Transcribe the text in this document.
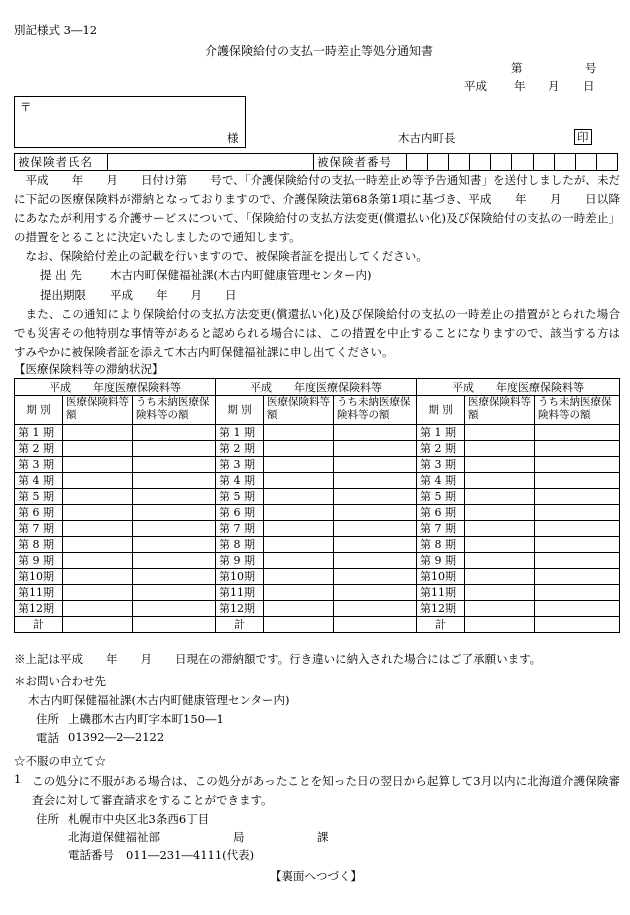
別記様式 3―12
介護保険給付の支払一時差止等処分通知書
第	号
平成 年 月 日
〒
様	木古内町長	印
被保険者氏名		被保険者番号										
平成　　年　　月　　日付け第　　号で、「介護保険給付の支払一時差止め等予告通知書」を送付しましたが、未だに下記の医療保険料が滞納となっておりますので、介護保険法第68条第1項に基づき、平成　　年　　月　　日以降にあなたが利用する介護サービスについて、「保険給付の支払方法変更(償還払い化)及び保険給付の支払の一時差止」の措置をとることに決定いたしましたので通知します。
なお、保険給付差止の記載を行いますので、被保険者証を提出してください。
提 出 先 木古内町保健福祉課(木古内町健康管理センター内)
提出期限 平成　　年　　月　　日
また、この通知により保険給付の支払方法変更(償還払い化)及び保険給付の支払の一時差止の措置がとられた場合でも災害その他特別な事情等があると認められる場合には、この措置を中止することになりますので、該当する方はすみやかに被保険者証を添えて木古内町保健福祉課に申し出てください。
【医療保険料等の滞納状況】
平成　　年度医療保険料等			平成　　年度医療保険料等			平成　　年度医療保険料等		
期 別	医療保険料等額	うち未納医療保険料等の額	期 別	医療保険料等額	うち未納医療保険料等の額	期 別	医療保険料等額	うち未納医療保険料等の額
第 1 期			第 1 期			第 1 期		
第 2 期			第 2 期			第 2 期		
第 3 期			第 3 期			第 3 期		
第 4 期			第 4 期			第 4 期		
第 5 期			第 5 期			第 5 期		
第 6 期			第 6 期			第 6 期		
第 7 期			第 7 期			第 7 期		
第 8 期			第 8 期			第 8 期		
第 9 期			第 9 期			第 9 期		
第10期			第10期			第10期		
第11期			第11期			第11期		
第12期			第12期			第12期		
計			計			計		
※上記は平成　　年　　月　　日現在の滞納額です。行き違いに納入された場合にはご了承願います。
＊お問い合わせ先
木古内町保健福祉課(木古内町健康管理センター内)
住所 上磯郡木古内町字本町150―1
電話 01392―2―2122
☆不服の申立て☆
1 この処分に不服がある場合は、この処分があったことを知った日の翌日から起算して3月以内に北海道介護保険審査会に対して審査請求をすることができます。
住所 札幌市中央区北3条西6丁目
北海道保健福祉部	局	課
電話番号 011―231―4111(代表)
【裏面へつづく】
